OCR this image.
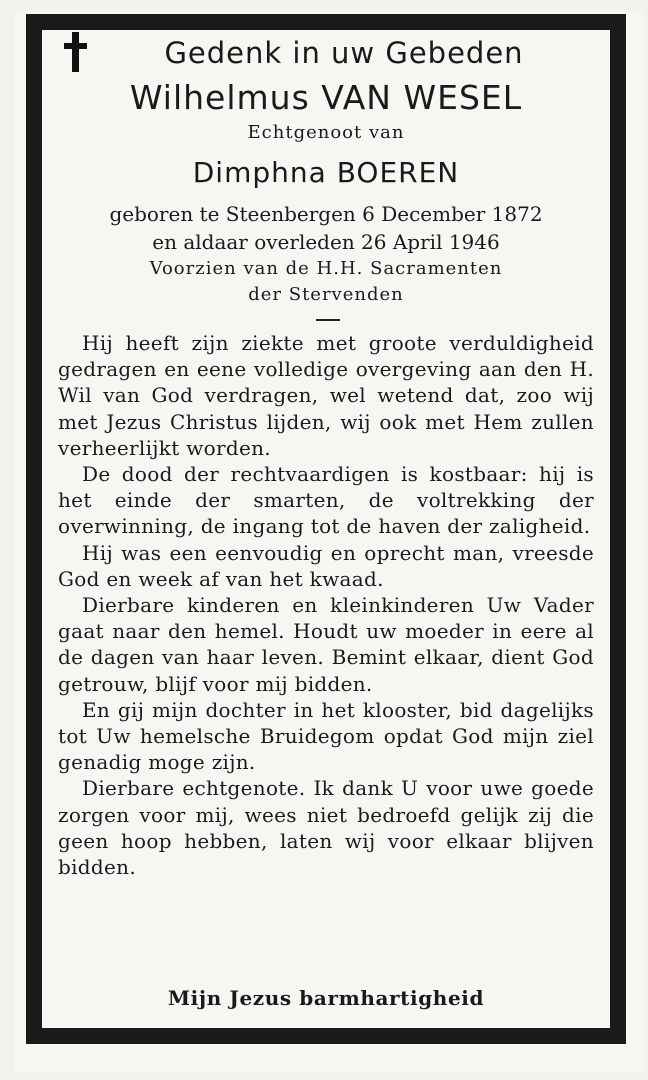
Gedenk in uw Gebeden
Wilhelmus VAN WESEL
Echtgenoot van
Dimphna BOEREN
geboren te Steenbergen 6 December 1872
en aldaar overleden 26 April 1946
Voorzien van de H.H. Sacramenten
der Stervenden

Hij heeft zijn ziekte met groote verduldigheid gedragen en eene volledige overgeving aan den H. Wil van God verdragen, wel wetend dat, zoo wij met Jezus Christus lijden, wij ook met Hem zullen verheerlijkt worden.

De dood der rechtvaardigen is kostbaar: hij is het einde der smarten, de voltrekking der overwinning, de ingang tot de haven der zaligheid.

Hij was een eenvoudig en oprecht man, vreesde God en week af van het kwaad.

Dierbare kinderen en kleinkinderen Uw Vader gaat naar den hemel. Houdt uw moeder in eere al de dagen van haar leven. Bemint elkaar, dient God getrouw, blijf voor mij bidden.

En gij mijn dochter in het klooster, bid dagelijks tot Uw hemelsche Bruidegom opdat God mijn ziel genadig moge zijn.

Dierbare echtgenote. Ik dank U voor uwe goede zorgen voor mij, wees niet bedroefd gelijk zij die geen hoop hebben, laten wij voor elkaar blijven bidden.

Mijn Jezus barmhartigheid
